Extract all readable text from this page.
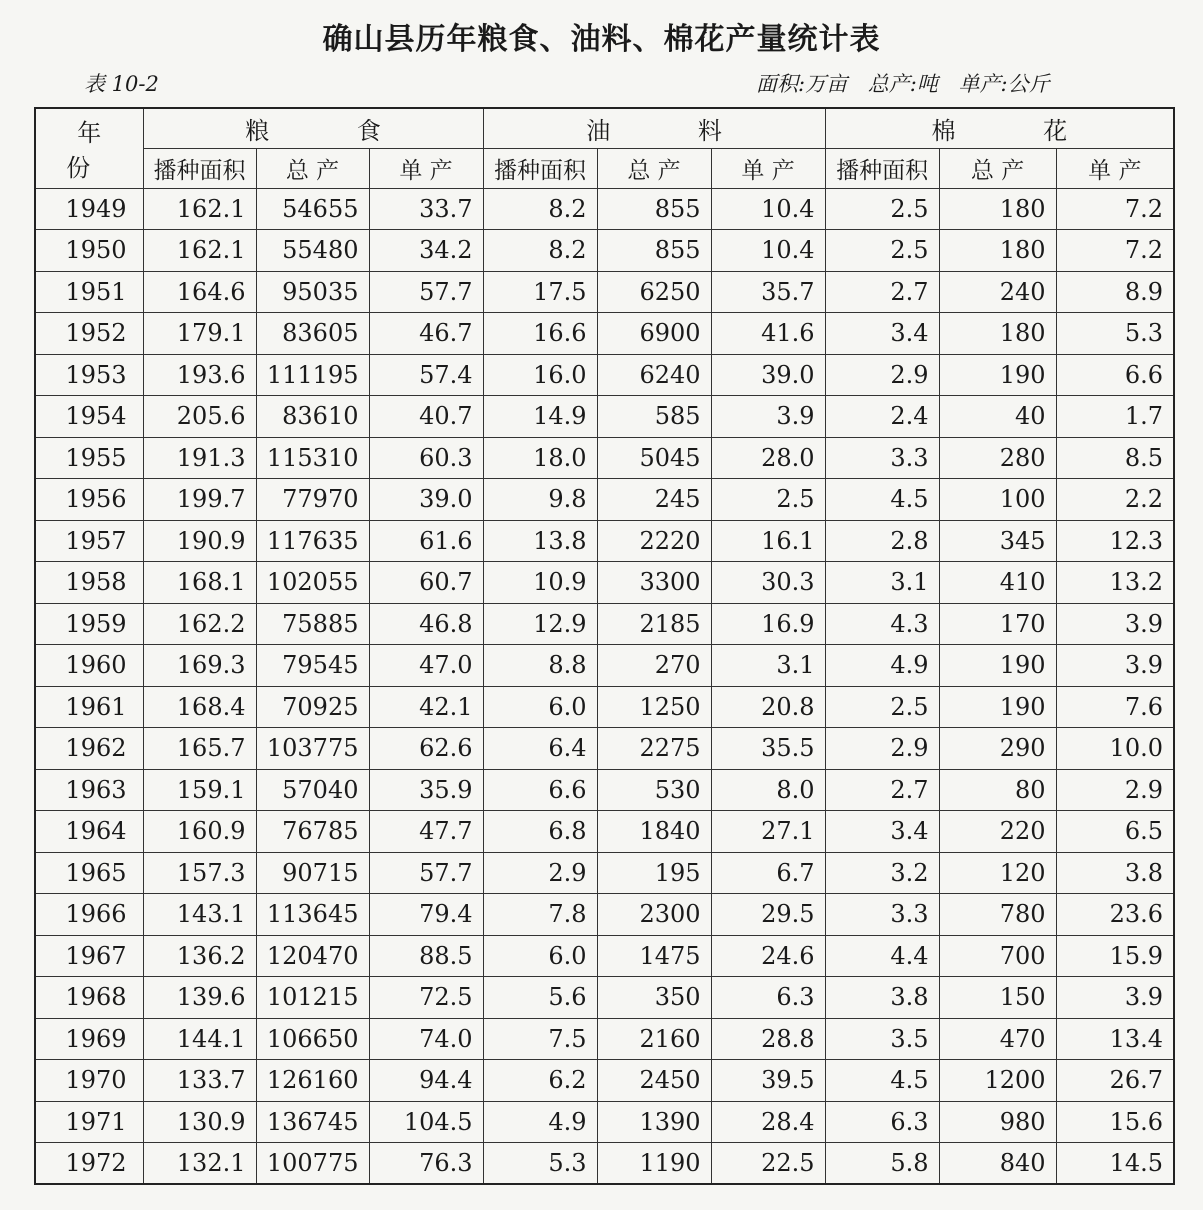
确山县历年粮食、油料、棉花产量统计表
表 10-2	面积:万亩 总产:吨 单产:公斤
年 份	粮 食			油 料			棉 花		
	播种面积	总 产	单 产	播种面积	总 产	单 产	播种面积	总 产	单 产
1949	162.1	54655	33.7	8.2	855	10.4	2.5	180	7.2
1950	162.1	55480	34.2	8.2	855	10.4	2.5	180	7.2
1951	164.6	95035	57.7	17.5	6250	35.7	2.7	240	8.9
1952	179.1	83605	46.7	16.6	6900	41.6	3.4	180	5.3
1953	193.6	111195	57.4	16.0	6240	39.0	2.9	190	6.6
1954	205.6	83610	40.7	14.9	585	3.9	2.4	40	1.7
1955	191.3	115310	60.3	18.0	5045	28.0	3.3	280	8.5
1956	199.7	77970	39.0	9.8	245	2.5	4.5	100	2.2
1957	190.9	117635	61.6	13.8	2220	16.1	2.8	345	12.3
1958	168.1	102055	60.7	10.9	3300	30.3	3.1	410	13.2
1959	162.2	75885	46.8	12.9	2185	16.9	4.3	170	3.9
1960	169.3	79545	47.0	8.8	270	3.1	4.9	190	3.9
1961	168.4	70925	42.1	6.0	1250	20.8	2.5	190	7.6
1962	165.7	103775	62.6	6.4	2275	35.5	2.9	290	10.0
1963	159.1	57040	35.9	6.6	530	8.0	2.7	80	2.9
1964	160.9	76785	47.7	6.8	1840	27.1	3.4	220	6.5
1965	157.3	90715	57.7	2.9	195	6.7	3.2	120	3.8
1966	143.1	113645	79.4	7.8	2300	29.5	3.3	780	23.6
1967	136.2	120470	88.5	6.0	1475	24.6	4.4	700	15.9
1968	139.6	101215	72.5	5.6	350	6.3	3.8	150	3.9
1969	144.1	106650	74.0	7.5	2160	28.8	3.5	470	13.4
1970	133.7	126160	94.4	6.2	2450	39.5	4.5	1200	26.7
1971	130.9	136745	104.5	4.9	1390	28.4	6.3	980	15.6
1972	132.1	100775	76.3	5.3	1190	22.5	5.8	840	14.5
